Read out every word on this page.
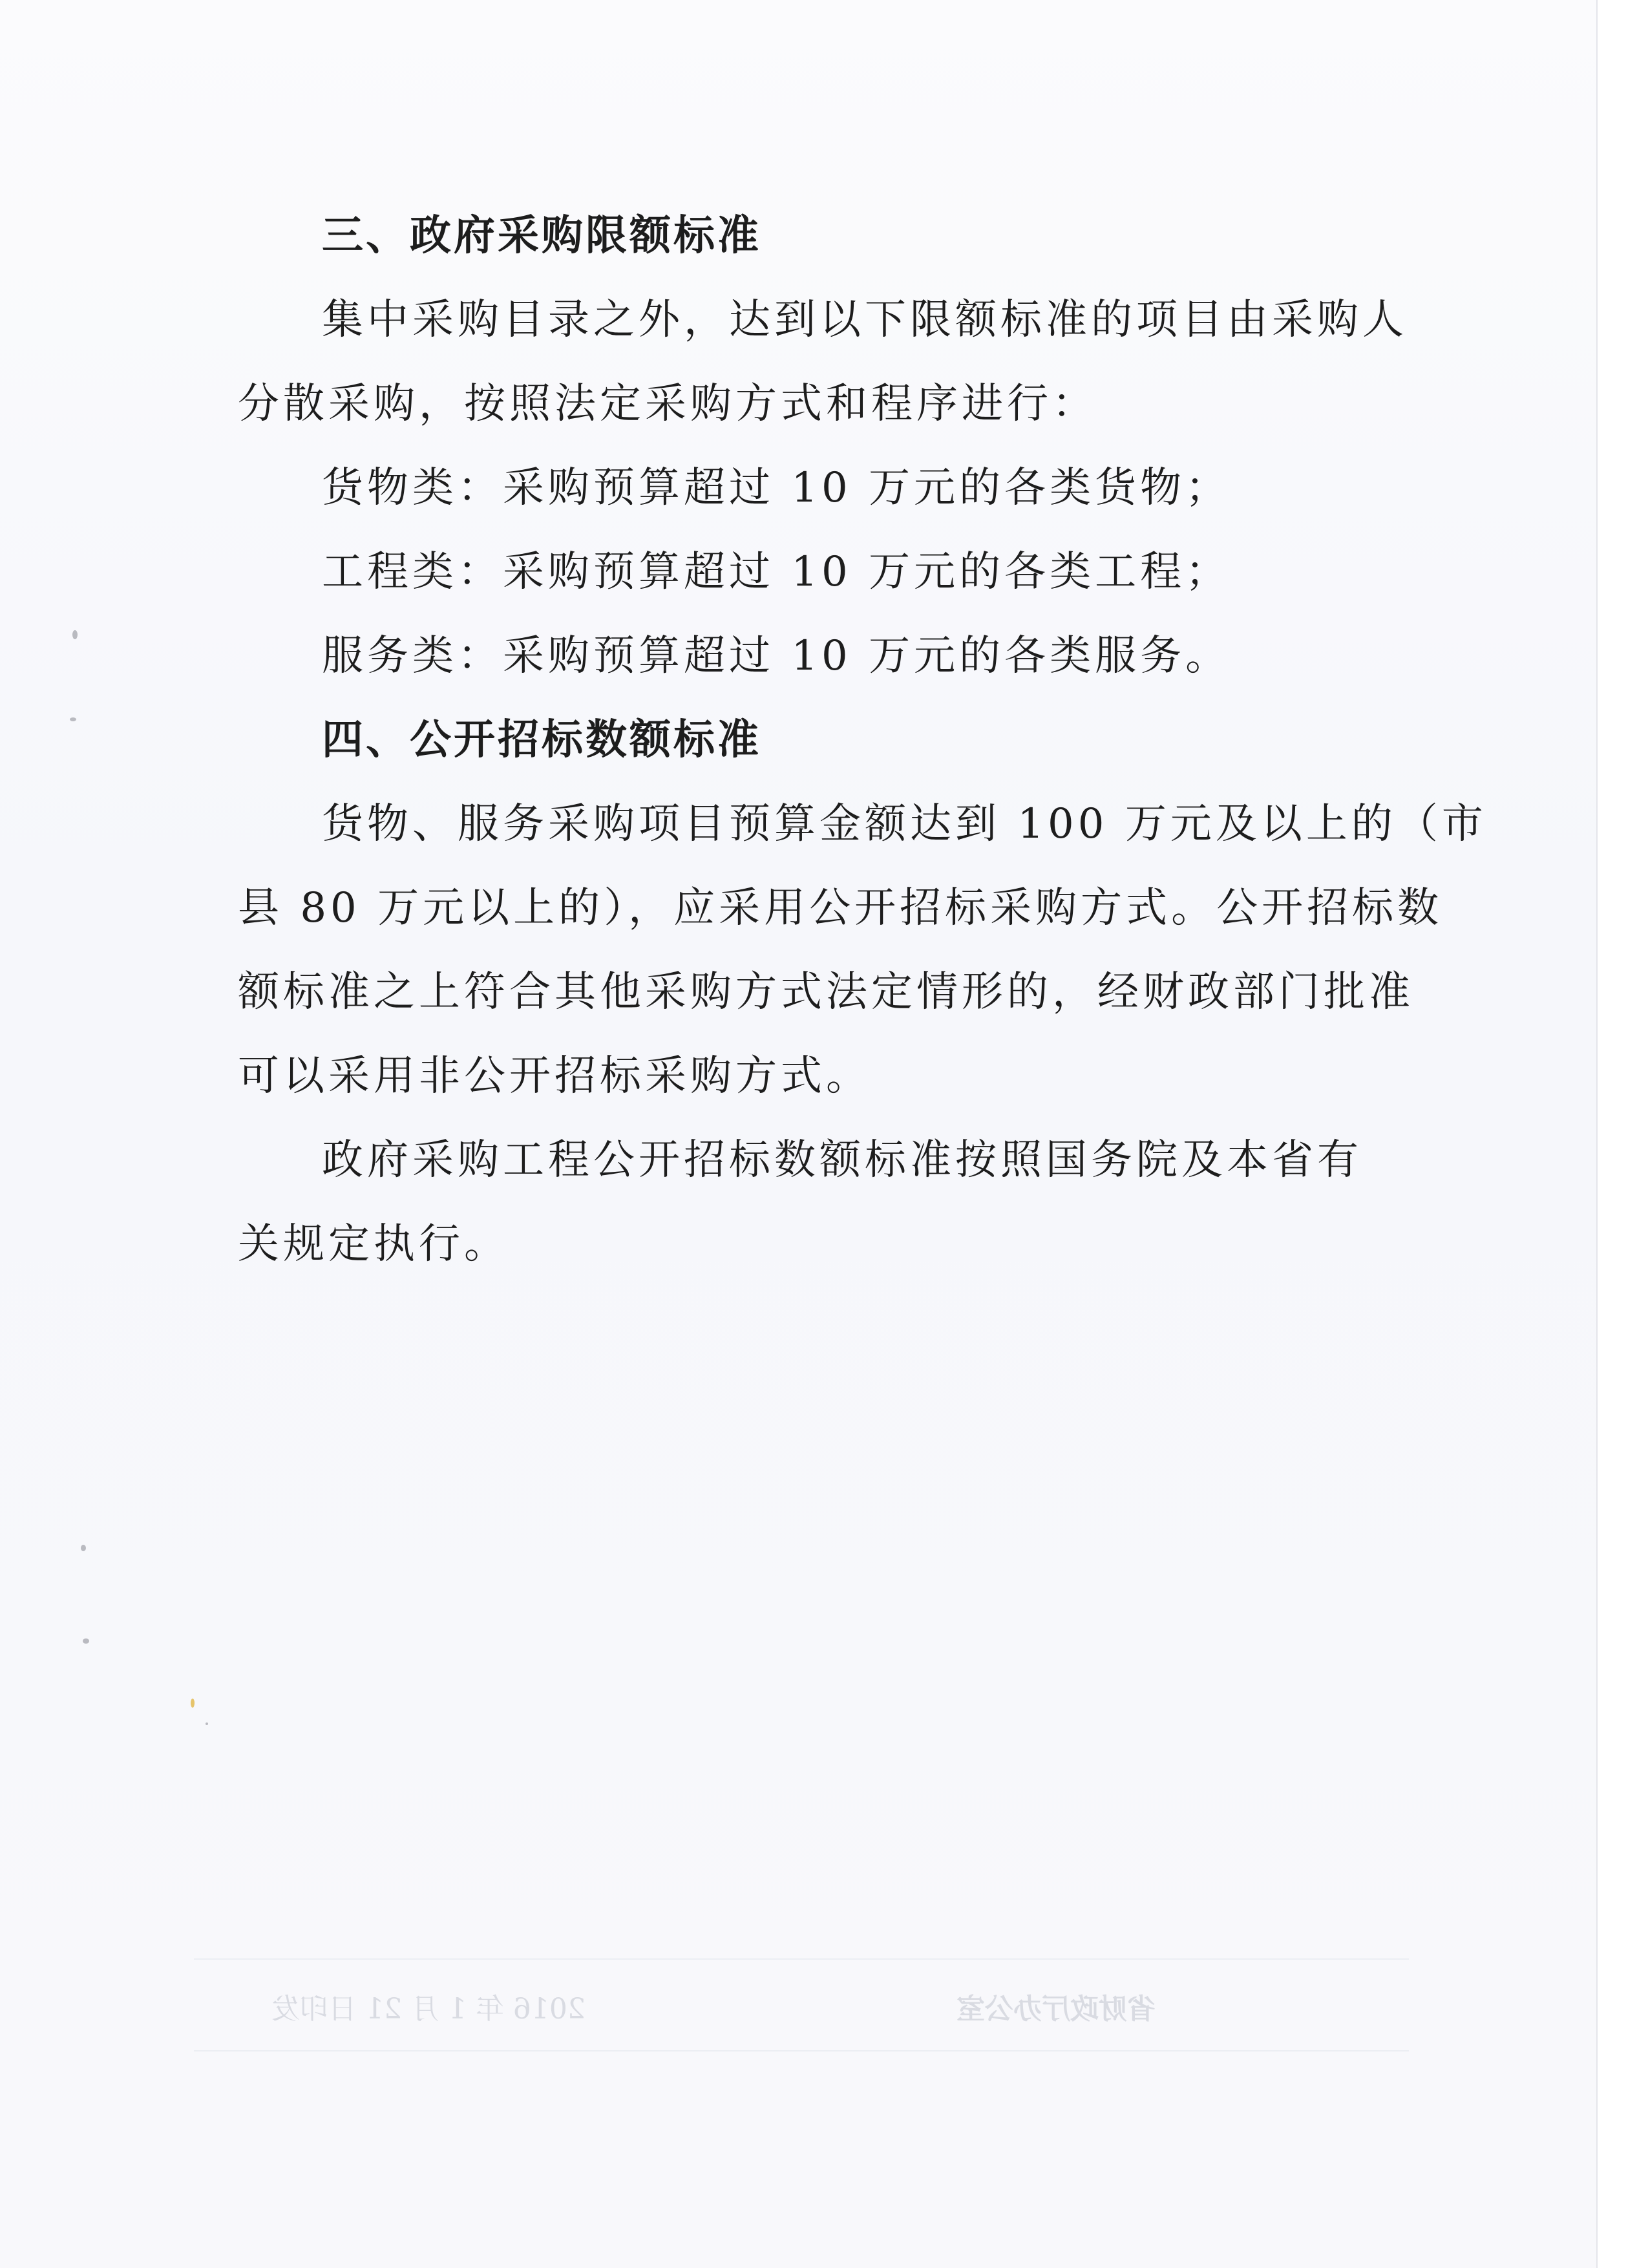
三、政府采购限额标准

集中采购目录之外，达到以下限额标准的项目由采购人

分散采购，按照法定采购方式和程序进行：

货物类：采购预算超过 10 万元的各类货物；

工程类：采购预算超过 10 万元的各类工程；

服务类：采购预算超过 10 万元的各类服务。

四、公开招标数额标准

货物、服务采购项目预算金额达到 100 万元及以上的（市

县 80 万元以上的），应采用公开招标采购方式。公开招标数

额标准之上符合其他采购方式法定情形的，经财政部门批准

可以采用非公开招标采购方式。

政府采购工程公开招标数额标准按照国务院及本省有

关规定执行。

2016 年 1 月 21 日印发	省财政厅办公室
